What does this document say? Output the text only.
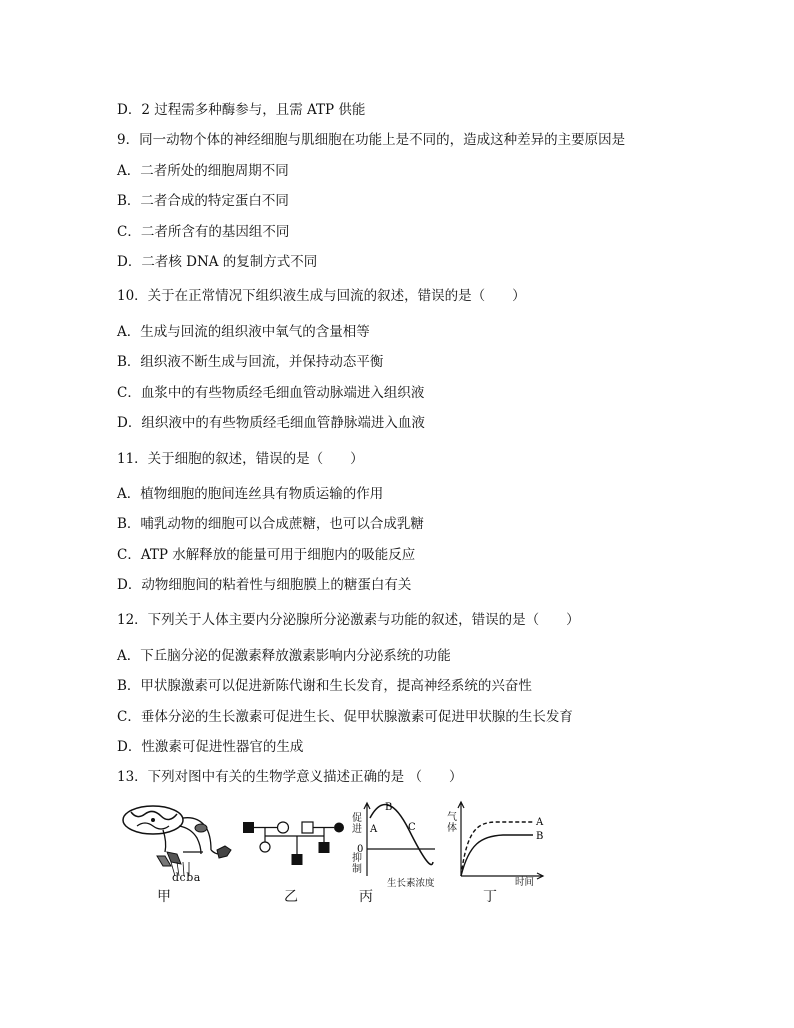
D．2 过程需多种酶参与，且需 ATP 供能
9．同一动物个体的神经细胞与肌细胞在功能上是不同的，造成这种差异的主要原因是
A．二者所处的细胞周期不同
B．二者合成的特定蛋白不同
C．二者所含有的基因组不同
D．二者核 DNA 的复制方式不同
10．关于在正常情况下组织液生成与回流的叙述，错误的是（　　）
A．生成与回流的组织液中氧气的含量相等
B．组织液不断生成与回流，并保持动态平衡
C．血浆中的有些物质经毛细血管动脉端进入组织液
D．组织液中的有些物质经毛细血管静脉端进入血液
11．关于细胞的叙述，错误的是（　　）
A．植物细胞的胞间连丝具有物质运输的作用
B．哺乳动物的细胞可以合成蔗糖，也可以合成乳糖
C．ATP 水解释放的能量可用于细胞内的吸能反应
D．动物细胞间的粘着性与细胞膜上的糖蛋白有关
12．下列关于人体主要内分泌腺所分泌激素与功能的叙述，错误的是（　　）
A．下丘脑分泌的促激素释放激素影响内分泌系统的功能
B．甲状腺激素可以促进新陈代谢和生长发育，提高神经系统的兴奋性
C．垂体分泌的生长激素可促进生长、促甲状腺激素可促进甲状腺的生长发育
D．性激素可促进性器官的生成
13．下列对图中有关的生物学意义描述正确的是 （　　）
dcba
甲	乙
A
B
C
0
促进
抑制
生长素浓度
丙
A
B
气体
时间
丁
